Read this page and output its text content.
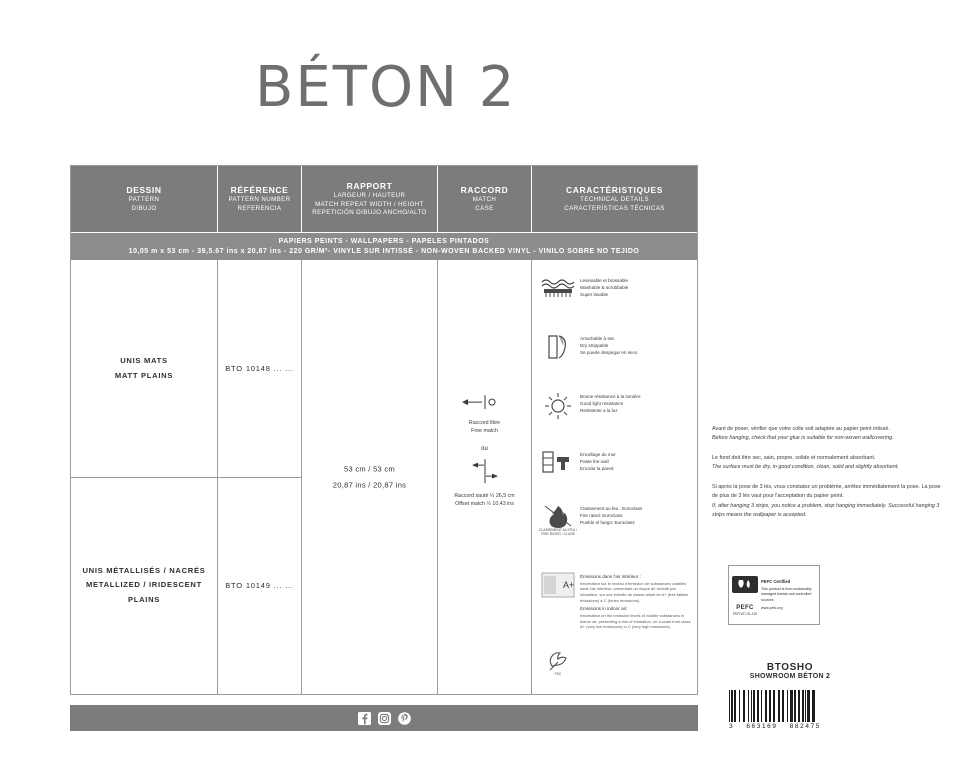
BÉTON 2
DESSIN
PATTERN
DIBUJO
RÉFÉRENCE
PATTERN NUMBER
REFERENCIA
RAPPORT
LARGEUR / HAUTEUR
MATCH REPEAT WIDTH / HEIGHT
REPETICIÓN DIBUJO ANCHO/ALTO
RACCORD
MATCH
CASE
CARACTÉRISTIQUES
TECHNICAL DETAILS
CARACTERÍSTICAS TÉCNICAS
PAPIERS PEINTS - WALLPAPERS - PAPELES PINTADOS
10,05 m x 53 cm - 39,5.67 ins x 20,87 ins - 220 GR/M²- VINYLE SUR INTISSÉ - NON-WOVEN BACKED VINYL - VINILO SOBRE NO TEJIDO
UNIS MATS
MATT PLAINS
UNIS MÉTALLISÉS / NACRÉS
METALLIZED / IRIDESCENT
PLAINS
BTO 10148 ... ...
BTO 10149 ... ...
53 cm / 53 cm
20,87 ins / 20,87 ins
Raccord libre
Free match
ou
Raccord sauté ½ 26,5 cm
Offset match ½ 10,43 ins
Lessivable et brossable
Washable & scrubbable
Super lavable
Arrachable à sec
Dry strippable
Se puede despegar en seco
Bonne résistance à la lumière
Good light resistance
Resistente a la luz
Encollage du mur
Paste the wall
Encolar la pared
CLASSEMENT AU FEU / FIRE RATED / CLASE
Classement au feu : Euroclass
Fire rated: Euroclass
Pueblo el fuego: Euroclass
A+
Émissions dans l'air intérieur :
Information sur le niveau d'émission de substances volatiles dans l'air intérieur, présentant un risque de toxicité par inhalation, sur une échelle de classe allant de A+ (très faibles émissions) à C (fortes émissions).
Emissions in indoor air:
Information on the emission levels of volatile substances in indoor air, presenting a risk of inhalation, on a scale from class A+ (very low emissions) to C (very high emissions).
FSC

Avant de poser, vérifier que votre colle soit adaptée au papier peint intissé.
Before hanging, check that your glue is suitable for non-woven wallcovering.

Le fond doit être sec, sain, propre, solide et normalement absorbant.
The surface must be dry, in good condition, clean, solid and slightly absorbent.

Si après la pose de 3 lés, vous constatez un problème, arrêtez immédiatement la pose. La pose de plus de 3 lés vaut pour l'acceptation du papier peint.
If, after hanging 3 strips, you notice a problem, stop hanging immediately. Successful hanging 3 strips means the wallpaper is accepted.

PEFC
PEFC/07-31-215
PEFC Certified
This product is from sustainably managed forests and controlled sources
www.pefc.org
BTOSHO
SHOWROOM BÉTON 2
3 663169 882475
